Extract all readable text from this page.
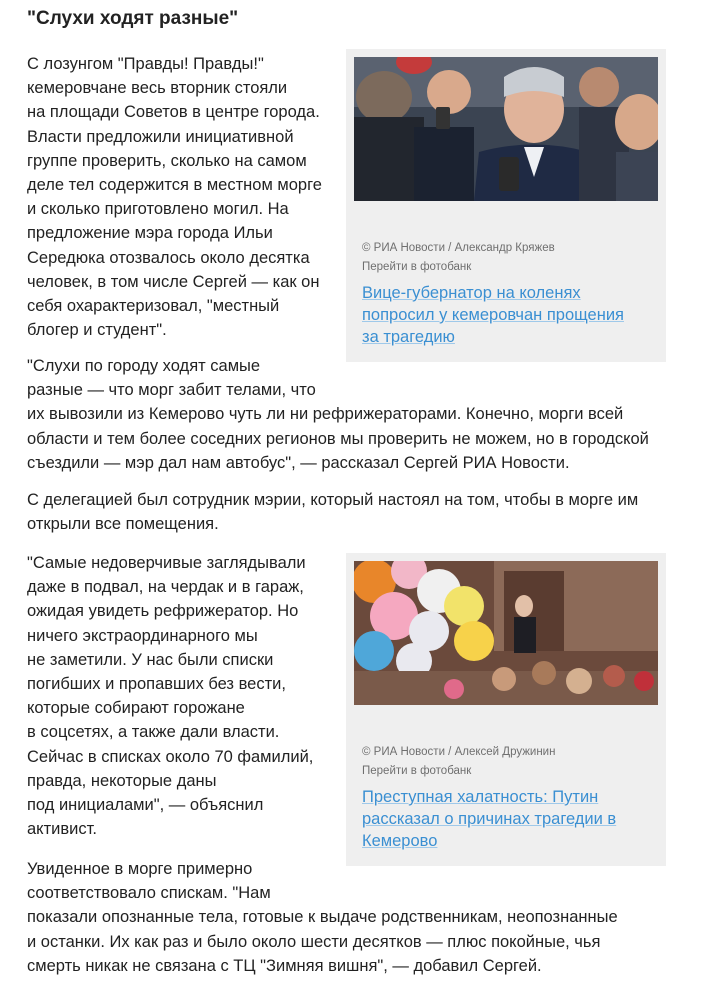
"Слухи ходят разные"

С лозунгом "Правды! Правды!"
кемеровчане весь вторник стояли
на площади Советов в центре города.
Власти предложили инициативной
группе проверить, сколько на самом
деле тел содержится в местном морге
и сколько приготовлено могил. На
предложение мэра города Ильи
Середюка отозвалось около десятка
человек, в том числе Сергей — как он
себя охарактеризовал, "местный
блогер и студент".

"Слухи по городу ходят самые
разные — что морг забит телами, что
их вывозили из Кемерово чуть ли ни рефрижераторами. Конечно, морги всей
области и тем более соседних регионов мы проверить не можем, но в городской
съездили — мэр дал нам автобус", — рассказал Сергей РИА Новости.

С делегацией был сотрудник мэрии, который настоял на том, чтобы в морге им
открыли все помещения.

"Самые недоверчивые заглядывали
даже в подвал, на чердак и в гараж,
ожидая увидеть рефрижератор. Но
ничего экстраординарного мы
не заметили. У нас были списки
погибших и пропавших без вести,
которые собирают горожане
в соцсетях, а также дали власти.
Сейчас в списках около 70 фамилий,
правда, некоторые даны
под инициалами", — объяснил
активист.

Увиденное в морге примерно
соответствовало спискам. "Нам
показали опознанные тела, готовые к выдаче родственникам, неопознанные
и останки. Их как раз и было около шести десятков — плюс покойные, чья
смерть никак не связана с ТЦ "Зимняя вишня", — добавил Сергей.

© РИА Новости / Александр Кряжев
Перейти в фотобанк
Вице-губернатор на коленях
попросил у кемеровчан прощения
за трагедию
© РИА Новости / Алексей Дружинин
Перейти в фотобанк
Преступная халатность: Путин
рассказал о причинах трагедии в
Кемерово
